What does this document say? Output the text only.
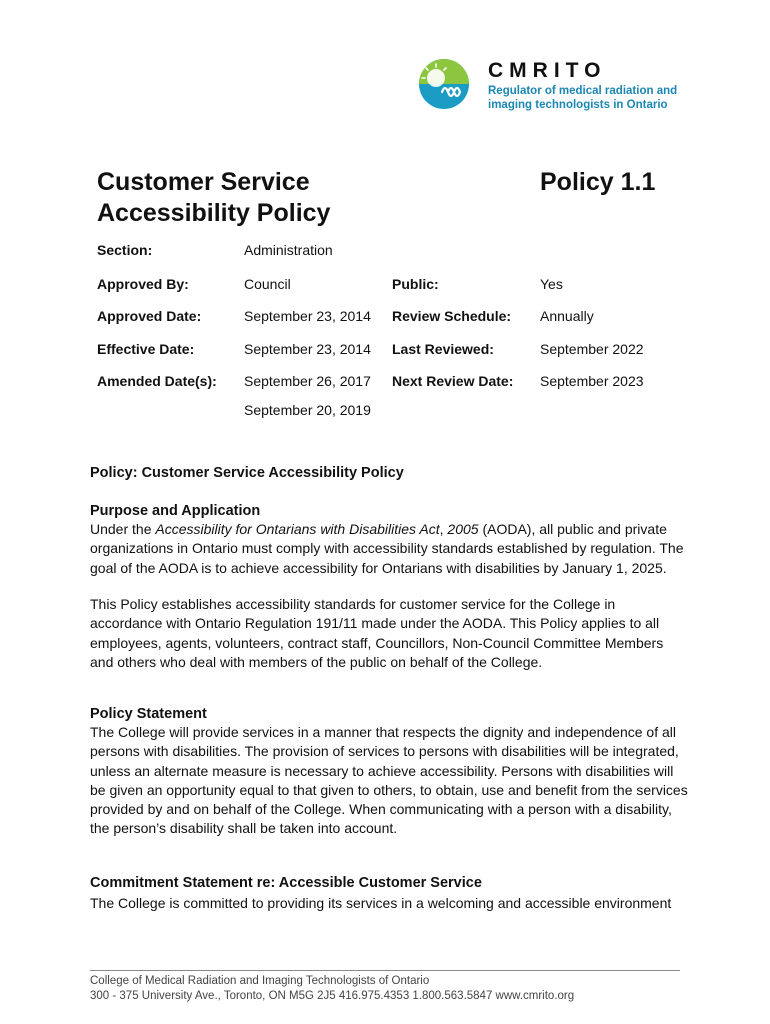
CMRITO
Regulator of medical radiation and
imaging technologists in Ontario
Customer Service
Accessibility Policy
Policy 1.1
Section:	Administration
Approved By:	Council	Public:	Yes
Approved Date:	September 23, 2014 Review Schedule: Annually
Effective Date:	September 23, 2014 Last Reviewed:	September 2022
Amended Date(s): September 26, 2017 Next Review Date: September 2023
September 20, 2019
Policy: Customer Service Accessibility Policy
Purpose and Application

Under the Accessibility for Ontarians with Disabilities Act, 2005 (AODA), all public and private organizations in Ontario must comply with accessibility standards established by regulation. The goal of the AODA is to achieve accessibility for Ontarians with disabilities by January 1, 2025.

This Policy establishes accessibility standards for customer service for the College in accordance with Ontario Regulation 191/11 made under the AODA. This Policy applies to all employees, agents, volunteers, contract staff, Councillors, Non-Council Committee Members and others who deal with members of the public on behalf of the College.

Policy Statement

The College will provide services in a manner that respects the dignity and independence of all persons with disabilities. The provision of services to persons with disabilities will be integrated, unless an alternate measure is necessary to achieve accessibility. Persons with disabilities will be given an opportunity equal to that given to others, to obtain, use and benefit from the services provided by and on behalf of the College. When communicating with a person with a disability, the person’s disability shall be taken into account.

Commitment Statement re: Accessible Customer Service

The College is committed to providing its services in a welcoming and accessible environment

College of Medical Radiation and Imaging Technologists of Ontario
300 - 375 University Ave., Toronto, ON M5G 2J5 416.975.4353 1.800.563.5847 www.cmrito.org
